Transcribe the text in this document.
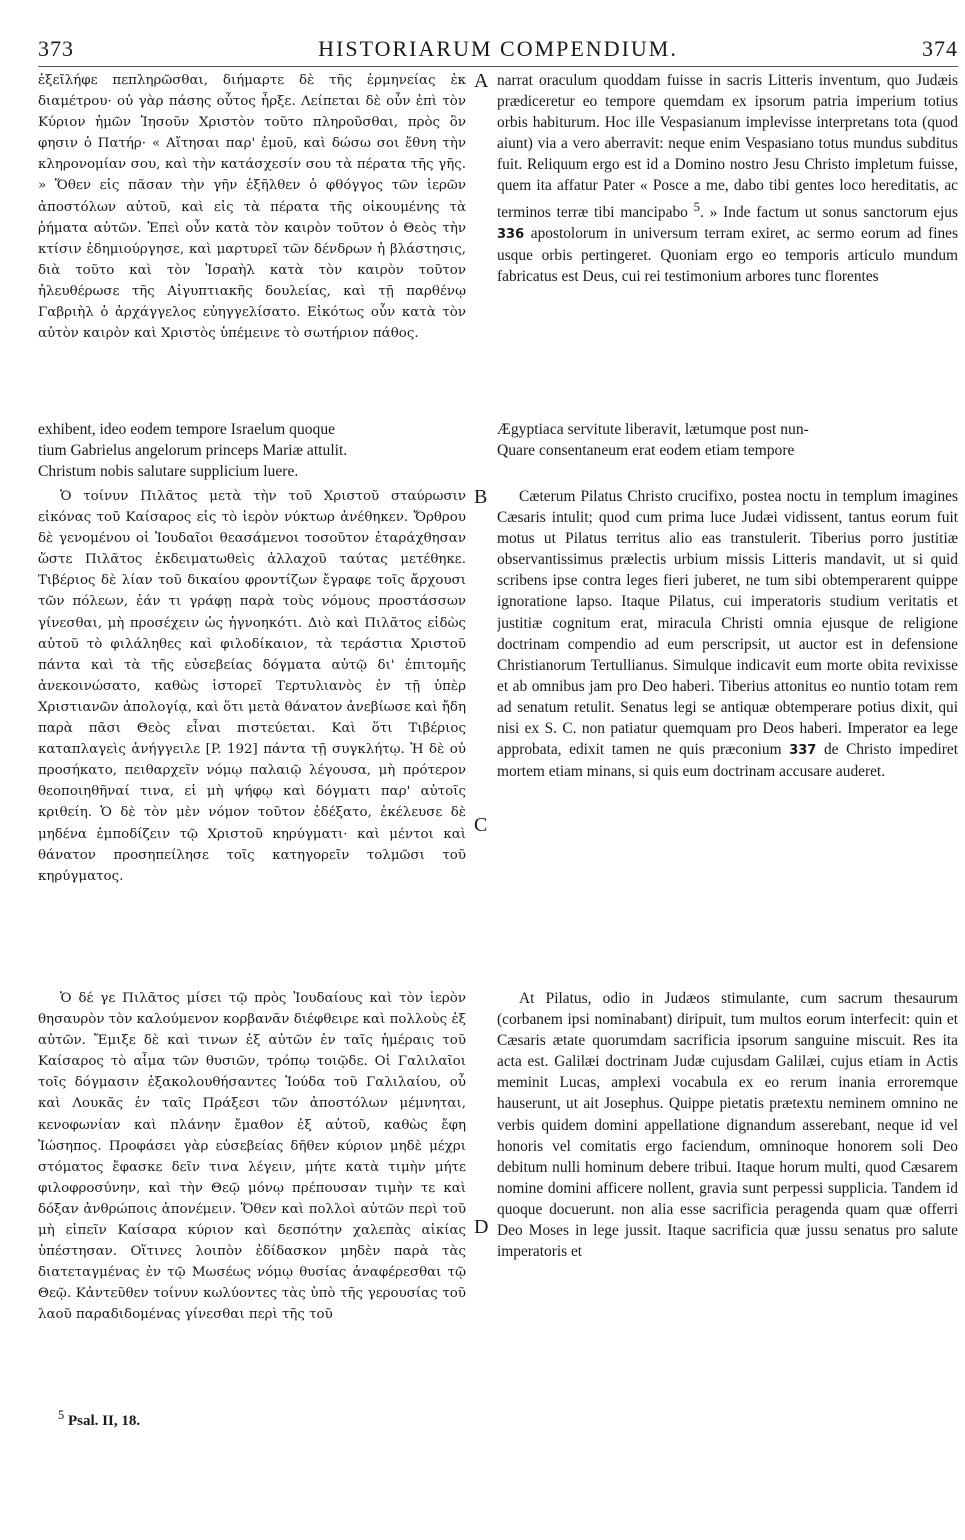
373	HISTORIARUM COMPENDIUM.	374

ἐξεῖλήφε πεπληρῶσθαι, διήμαρτε δὲ τῆς ἑρμηνείας ἐκ διαμέτρου· οὐ γὰρ πάσης οὗτος ἦρξε. Λείπεται δὲ οὖν ἐπὶ τὸν Κύριον ἡμῶν Ἰησοῦν Χριστὸν τοῦτο πληροῦσθαι, πρὸς ὃν φησιν ὁ Πατήρ· « Αἴτησαι παρ' ἐμοῦ, καὶ δώσω σοι ἔθνη τὴν κληρονομίαν σου, καὶ τὴν κατάσχεσίν σου τὰ πέρατα τῆς γῆς. » Ὅθεν εἰς πᾶσαν τὴν γῆν ἐξῆλθεν ὁ φθόγγος τῶν ἱερῶν ἀποστόλων αὐτοῦ, καὶ εἰς τὰ πέρατα τῆς οἰκουμένης τὰ ῥήματα αὐτῶν. Ἐπεὶ οὖν κατὰ τὸν καιρὸν τοῦτον ὁ Θεὸς τὴν κτίσιν ἐδημιούργησε, καὶ μαρτυρεῖ τῶν δένδρων ἡ βλάστησις, διὰ τοῦτο καὶ τὸν Ἰσραὴλ κατὰ τὸν καιρὸν τοῦτον ἠλευθέρωσε τῆς Αἰγυπτιακῆς δουλείας, καὶ τῇ παρθένῳ Γαβριὴλ ὁ ἀρχάγγελος εὐηγγελίσατο. Εἰκότως οὖν κατὰ τὸν αὐτὸν καιρὸν καὶ Χριστὸς ὑπέμεινε τὸ σωτήριον πάθος.

A narrat oraculum quoddam fuisse in sacris Litteris inventum, quo Judæis prædiceretur eo tempore quemdam ex ipsorum patria imperium totius orbis habiturum. Hoc ille Vespasianum implevisse interpretans tota (quod aiunt) via a vero aberravit: neque enim Vespasiano totus mundus subditus fuit. Reliquum ergo est id a Domino nostro Jesu Christo impletum fuisse, quem ita affatur Pater « Posce a me, dabo tibi gentes loco hereditatis, ac terminos terræ tibi mancipabo $^5$. » Inde factum ut sonus sanctorum ejus 336 apostolorum in universum terram exiret, ac sermo eorum ad fines usque orbis pertingeret. Quoniam ergo eo temporis articulo mundum fabricatus est Deus, cui rei testimonium arbores tunc florentes

exhibent, ideo eodem tempore Israelum quoque	Ægyptiaca servitute liberavit, lætumque post nun-
tium Gabrielus angelorum princeps Mariæ attulit.	Quare consentaneum erat eodem etiam tempore
Christum nobis salutare supplicium luere.

Ὁ τοίνυν Πιλᾶτος μετὰ τὴν τοῦ Χριστοῦ σταύρωσιν εἰκόνας τοῦ Καίσαρος εἰς τὸ ἱερὸν νύκτωρ ἀνέθηκεν. Ὄρθρου δὲ γενομένου οἱ Ἰουδαῖοι θεασάμενοι τοσοῦτον ἐταράχθησαν ὥστε Πιλᾶτος ἐκδειματωθεὶς ἀλλαχοῦ ταύτας μετέθηκε. Τιβέριος δὲ λίαν τοῦ δικαίου φροντίζων ἔγραφε τοῖς ἄρχουσι τῶν πόλεων, ἐάν τι γράφῃ παρὰ τοὺς νόμους προστάσσων γίνεσθαι, μὴ προσέχειν ὡς ἠγνοηκότι. Διὸ καὶ Πιλᾶτος εἰδὼς αὐτοῦ τὸ φιλάληθες καὶ φιλοδίκαιον, τὰ τεράστια Χριστοῦ πάντα καὶ τὰ τῆς εὐσεβείας δόγματα αὐτῷ δι' ἐπιτομῆς ἀνεκοινώσατο, καθὼς ἱστορεῖ Τερτυλιανὸς ἐν τῇ ὑπὲρ Χριστιανῶν ἀπολογίᾳ, καὶ ὅτι μετὰ θάνατον ἀνεβίωσε καὶ ἤδη παρὰ πᾶσι Θεὸς εἶναι πιστεύεται. Καὶ ὅτι Τιβέριος καταπλαγεὶς ἀνήγγειλε [P. 192] πάντα τῇ συγκλήτῳ. Ἡ δὲ οὐ προσήκατο, πειθαρχεῖν νόμῳ παλαιῷ λέγουσα, μὴ πρότερον θεοποιηθῆναί τινα, εἰ μὴ ψήφῳ καὶ δόγματι παρ' αὐτοῖς κριθείη. Ὁ δὲ τὸν μὲν νόμον τοῦτον ἐδέξατο, ἐκέλευσε δὲ μηδένα ἐμποδίζειν τῷ Χριστοῦ κηρύγματι· καὶ μέντοι καὶ θάνατον προσηπείλησε τοῖς κατηγορεῖν τολμῶσι τοῦ κηρύγματος.

B
C

Cæterum Pilatus Christo crucifixo, postea noctu in templum imagines Cæsaris intulit; quod cum prima luce Judæi vidissent, tantus eorum fuit motus ut Pilatus territus alio eas transtulerit. Tiberius porro justitiæ observantissimus prælectis urbium missis Litteris mandavit, ut si quid scribens ipse contra leges fieri juberet, ne tum sibi obtemperarent quippe ignoratione lapso. Itaque Pilatus, cui imperatoris studium veritatis et justitiæ cognitum erat, miracula Christi omnia ejusque de religione doctrinam compendio ad eum perscripsit, ut auctor est in defensione Christianorum Tertullianus. Simulque indicavit eum morte obita revixisse et ab omnibus jam pro Deo haberi. Tiberius attonitus eo nuntio totam rem ad senatum retulit. Senatus legi se antiquæ obtemperare potius dixit, qui nisi ex S. C. non patiatur quemquam pro Deos haberi. Imperator ea lege approbata, edixit tamen ne quis præconium 337 de Christo impediret mortem etiam minans, si quis eum doctrinam accusare auderet.

Ὁ δέ γε Πιλᾶτος μίσει τῷ πρὸς Ἰουδαίους καὶ τὸν ἱερὸν θησαυρὸν τὸν καλούμενον κορβανᾶν διέφθειρε καὶ πολλοὺς ἐξ αὐτῶν. Ἔμιξε δὲ καὶ τινων ἐξ αὐτῶν ἐν ταῖς ἡμέραις τοῦ Καίσαρος τὸ αἷμα τῶν θυσιῶν, τρόπῳ τοιῷδε. Οἱ Γαλιλαῖοι τοῖς δόγμασιν ἐξακολουθήσαντες Ἰούδα τοῦ Γαλιλαίου, οὗ καὶ Λουκᾶς ἐν ταῖς Πράξεσι τῶν ἀποστόλων μέμνηται, κενοφωνίαν καὶ πλάνην ἔμαθον ἐξ αὐτοῦ, καθὼς ἔφη Ἰώσηπος. Προφάσει γὰρ εὐσεβείας δῆθεν κύριον μηδὲ μέχρι στόματος ἔφασκε δεῖν τινα λέγειν, μήτε κατὰ τιμὴν μήτε φιλοφροσύνην, καὶ τὴν Θεῷ μόνῳ πρέπουσαν τιμὴν τε καὶ δόξαν ἀνθρώποις ἀπονέμειν. Ὅθεν καὶ πολλοὶ αὐτῶν περὶ τοῦ μὴ εἰπεῖν Καίσαρα κύριον καὶ δεσπότην χαλεπὰς αἰκίας ὑπέστησαν. Οἵτινες λοιπὸν ἐδίδασκον μηδὲν παρὰ τὰς διατεταγμένας ἐν τῷ Μωσέως νόμῳ θυσίας ἀναφέρεσθαι τῷ Θεῷ. Κἀντεῦθεν τοίνυν κωλύοντες τὰς ὑπὸ τῆς γερουσίας τοῦ λαοῦ παραδιδομένας γίνεσθαι περὶ τῆς τοῦ

D

At Pilatus, odio in Judæos stimulante, cum sacrum thesaurum (corbanem ipsi nominabant) diripuit, tum multos eorum interfecit: quin et Cæsaris ætate quorumdam sacrificia ipsorum sanguine miscuit. Res ita acta est. Galilæi doctrinam Judæ cujusdam Galilæi, cujus etiam in Actis meminit Lucas, amplexi vocabula ex eo rerum inania erroremque hauserunt, ut ait Josephus. Quippe pietatis prætextu neminem omnino ne verbis quidem domini appellatione dignandum asserebant, neque id vel honoris vel comitatis ergo faciendum, omninoque honorem soli Deo debitum nulli hominum debere tribui. Itaque horum multi, quod Cæsarem nomine domini afficere nollent, gravia sunt perpessi supplicia. Tandem id quoque docuerunt. non alia esse sacrificia peragenda quam quæ offerri Deo Moses in lege jussit. Itaque sacrificia quæ jussu senatus pro salute imperatoris et

$^5$ Psal. II, 18.
